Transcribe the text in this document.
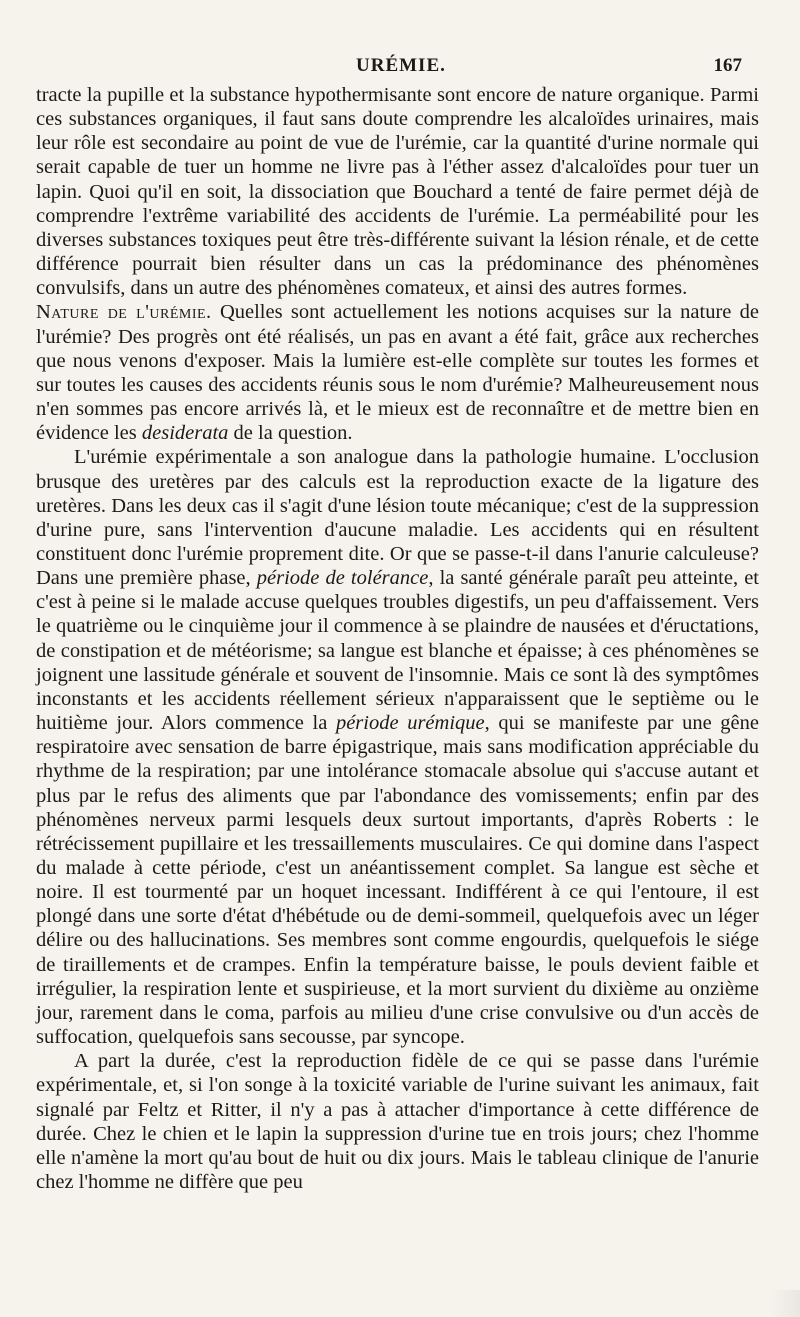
URÉMIE.	167

tracte la pupille et la substance hypothermisante sont encore de nature organique. Parmi ces substances organiques, il faut sans doute comprendre les alcaloïdes urinaires, mais leur rôle est secondaire au point de vue de l'urémie, car la quantité d'urine normale qui serait capable de tuer un homme ne livre pas à l'éther assez d'alcaloïdes pour tuer un lapin. Quoi qu'il en soit, la dissociation que Bouchard a tenté de faire permet déjà de comprendre l'extrême variabilité des accidents de l'urémie. La perméabilité pour les diverses substances toxiques peut être très-différente suivant la lésion rénale, et de cette différence pourrait bien résulter dans un cas la prédominance des phénomènes convulsifs, dans un autre des phénomènes comateux, et ainsi des autres formes.

Nature de l'urémie. Quelles sont actuellement les notions acquises sur la nature de l'urémie? Des progrès ont été réalisés, un pas en avant a été fait, grâce aux recherches que nous venons d'exposer. Mais la lumière est-elle complète sur toutes les formes et sur toutes les causes des accidents réunis sous le nom d'urémie? Malheureusement nous n'en sommes pas encore arrivés là, et le mieux est de reconnaître et de mettre bien en évidence les desiderata de la question.

L'urémie expérimentale a son analogue dans la pathologie humaine. L'occlusion brusque des uretères par des calculs est la reproduction exacte de la ligature des uretères. Dans les deux cas il s'agit d'une lésion toute mécanique; c'est de la suppression d'urine pure, sans l'intervention d'aucune maladie. Les accidents qui en résultent constituent donc l'urémie proprement dite. Or que se passe-t-il dans l'anurie calculeuse? Dans une première phase, période de tolérance, la santé générale paraît peu atteinte, et c'est à peine si le malade accuse quelques troubles digestifs, un peu d'affaissement. Vers le quatrième ou le cinquième jour il commence à se plaindre de nausées et d'éructations, de constipation et de météorisme; sa langue est blanche et épaisse; à ces phénomènes se joignent une lassitude générale et souvent de l'insomnie. Mais ce sont là des symptômes inconstants et les accidents réellement sérieux n'apparaissent que le septième ou le huitième jour. Alors commence la période urémique, qui se manifeste par une gêne respiratoire avec sensation de barre épigastrique, mais sans modification appréciable du rhythme de la respiration; par une intolérance stomacale absolue qui s'accuse autant et plus par le refus des aliments que par l'abondance des vomissements; enfin par des phénomènes nerveux parmi lesquels deux surtout importants, d'après Roberts : le rétrécissement pupillaire et les tressaillements musculaires. Ce qui domine dans l'aspect du malade à cette période, c'est un anéantissement complet. Sa langue est sèche et noire. Il est tourmenté par un hoquet incessant. Indifférent à ce qui l'entoure, il est plongé dans une sorte d'état d'hébétude ou de demi-sommeil, quelquefois avec un léger délire ou des hallucinations. Ses membres sont comme engourdis, quelquefois le siége de tiraillements et de crampes. Enfin la température baisse, le pouls devient faible et irrégulier, la respiration lente et suspirieuse, et la mort survient du dixième au onzième jour, rarement dans le coma, parfois au milieu d'une crise convulsive ou d'un accès de suffocation, quelquefois sans secousse, par syncope.

A part la durée, c'est la reproduction fidèle de ce qui se passe dans l'urémie expérimentale, et, si l'on songe à la toxicité variable de l'urine suivant les animaux, fait signalé par Feltz et Ritter, il n'y a pas à attacher d'importance à cette différence de durée. Chez le chien et le lapin la suppression d'urine tue en trois jours; chez l'homme elle n'amène la mort qu'au bout de huit ou dix jours. Mais le tableau clinique de l'anurie chez l'homme ne diffère que peu
